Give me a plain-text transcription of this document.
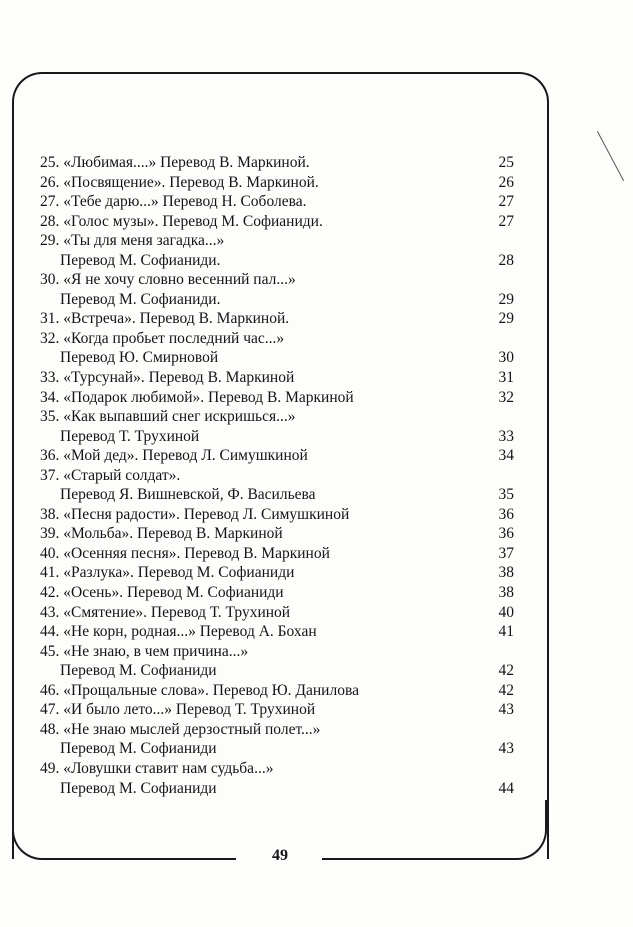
25. «Любимая....» Перевод В. Маркиной.	25
26. «Посвящение». Перевод В. Маркиной.	26
27. «Тебе дарю...» Перевод Н. Соболева.	27
28. «Голос музы». Перевод М. Софианиди.	27
29. «Ты для меня загадка...»
Перевод М. Софианиди.	28
30. «Я не хочу словно весенний пал...»
Перевод М. Софианиди.	29
31. «Встреча». Перевод В. Маркиной.	29
32. «Когда пробьет последний час...»
Перевод Ю. Смирновой	30
33. «Турсунай». Перевод В. Маркиной	31
34. «Подарок любимой». Перевод В. Маркиной	32
35. «Как выпавший снег искришься...»
Перевод Т. Трухиной	33
36. «Мой дед». Перевод Л. Симушкиной	34
37. «Старый солдат».
Перевод Я. Вишневской, Ф. Васильева	35
38. «Песня радости». Перевод Л. Симушкиной	36
39. «Мольба». Перевод В. Маркиной	36
40. «Осенняя песня». Перевод В. Маркиной	37
41. «Разлука». Перевод М. Софианиди	38
42. «Осень». Перевод М. Софианиди	38
43. «Смятение». Перевод Т. Трухиной	40
44. «Не корн, родная...» Перевод А. Бохан	41
45. «Не знаю, в чем причина...»
Перевод М. Софианиди	42
46. «Прощальные слова». Перевод Ю. Данилова	42
47. «И было лето...» Перевод Т. Трухиной	43
48. «Не знаю мыслей дерзостный полет...»
Перевод М. Софианиди	43
49. «Ловушки ставит нам судьба...»
Перевод М. Софианиди	44
49
